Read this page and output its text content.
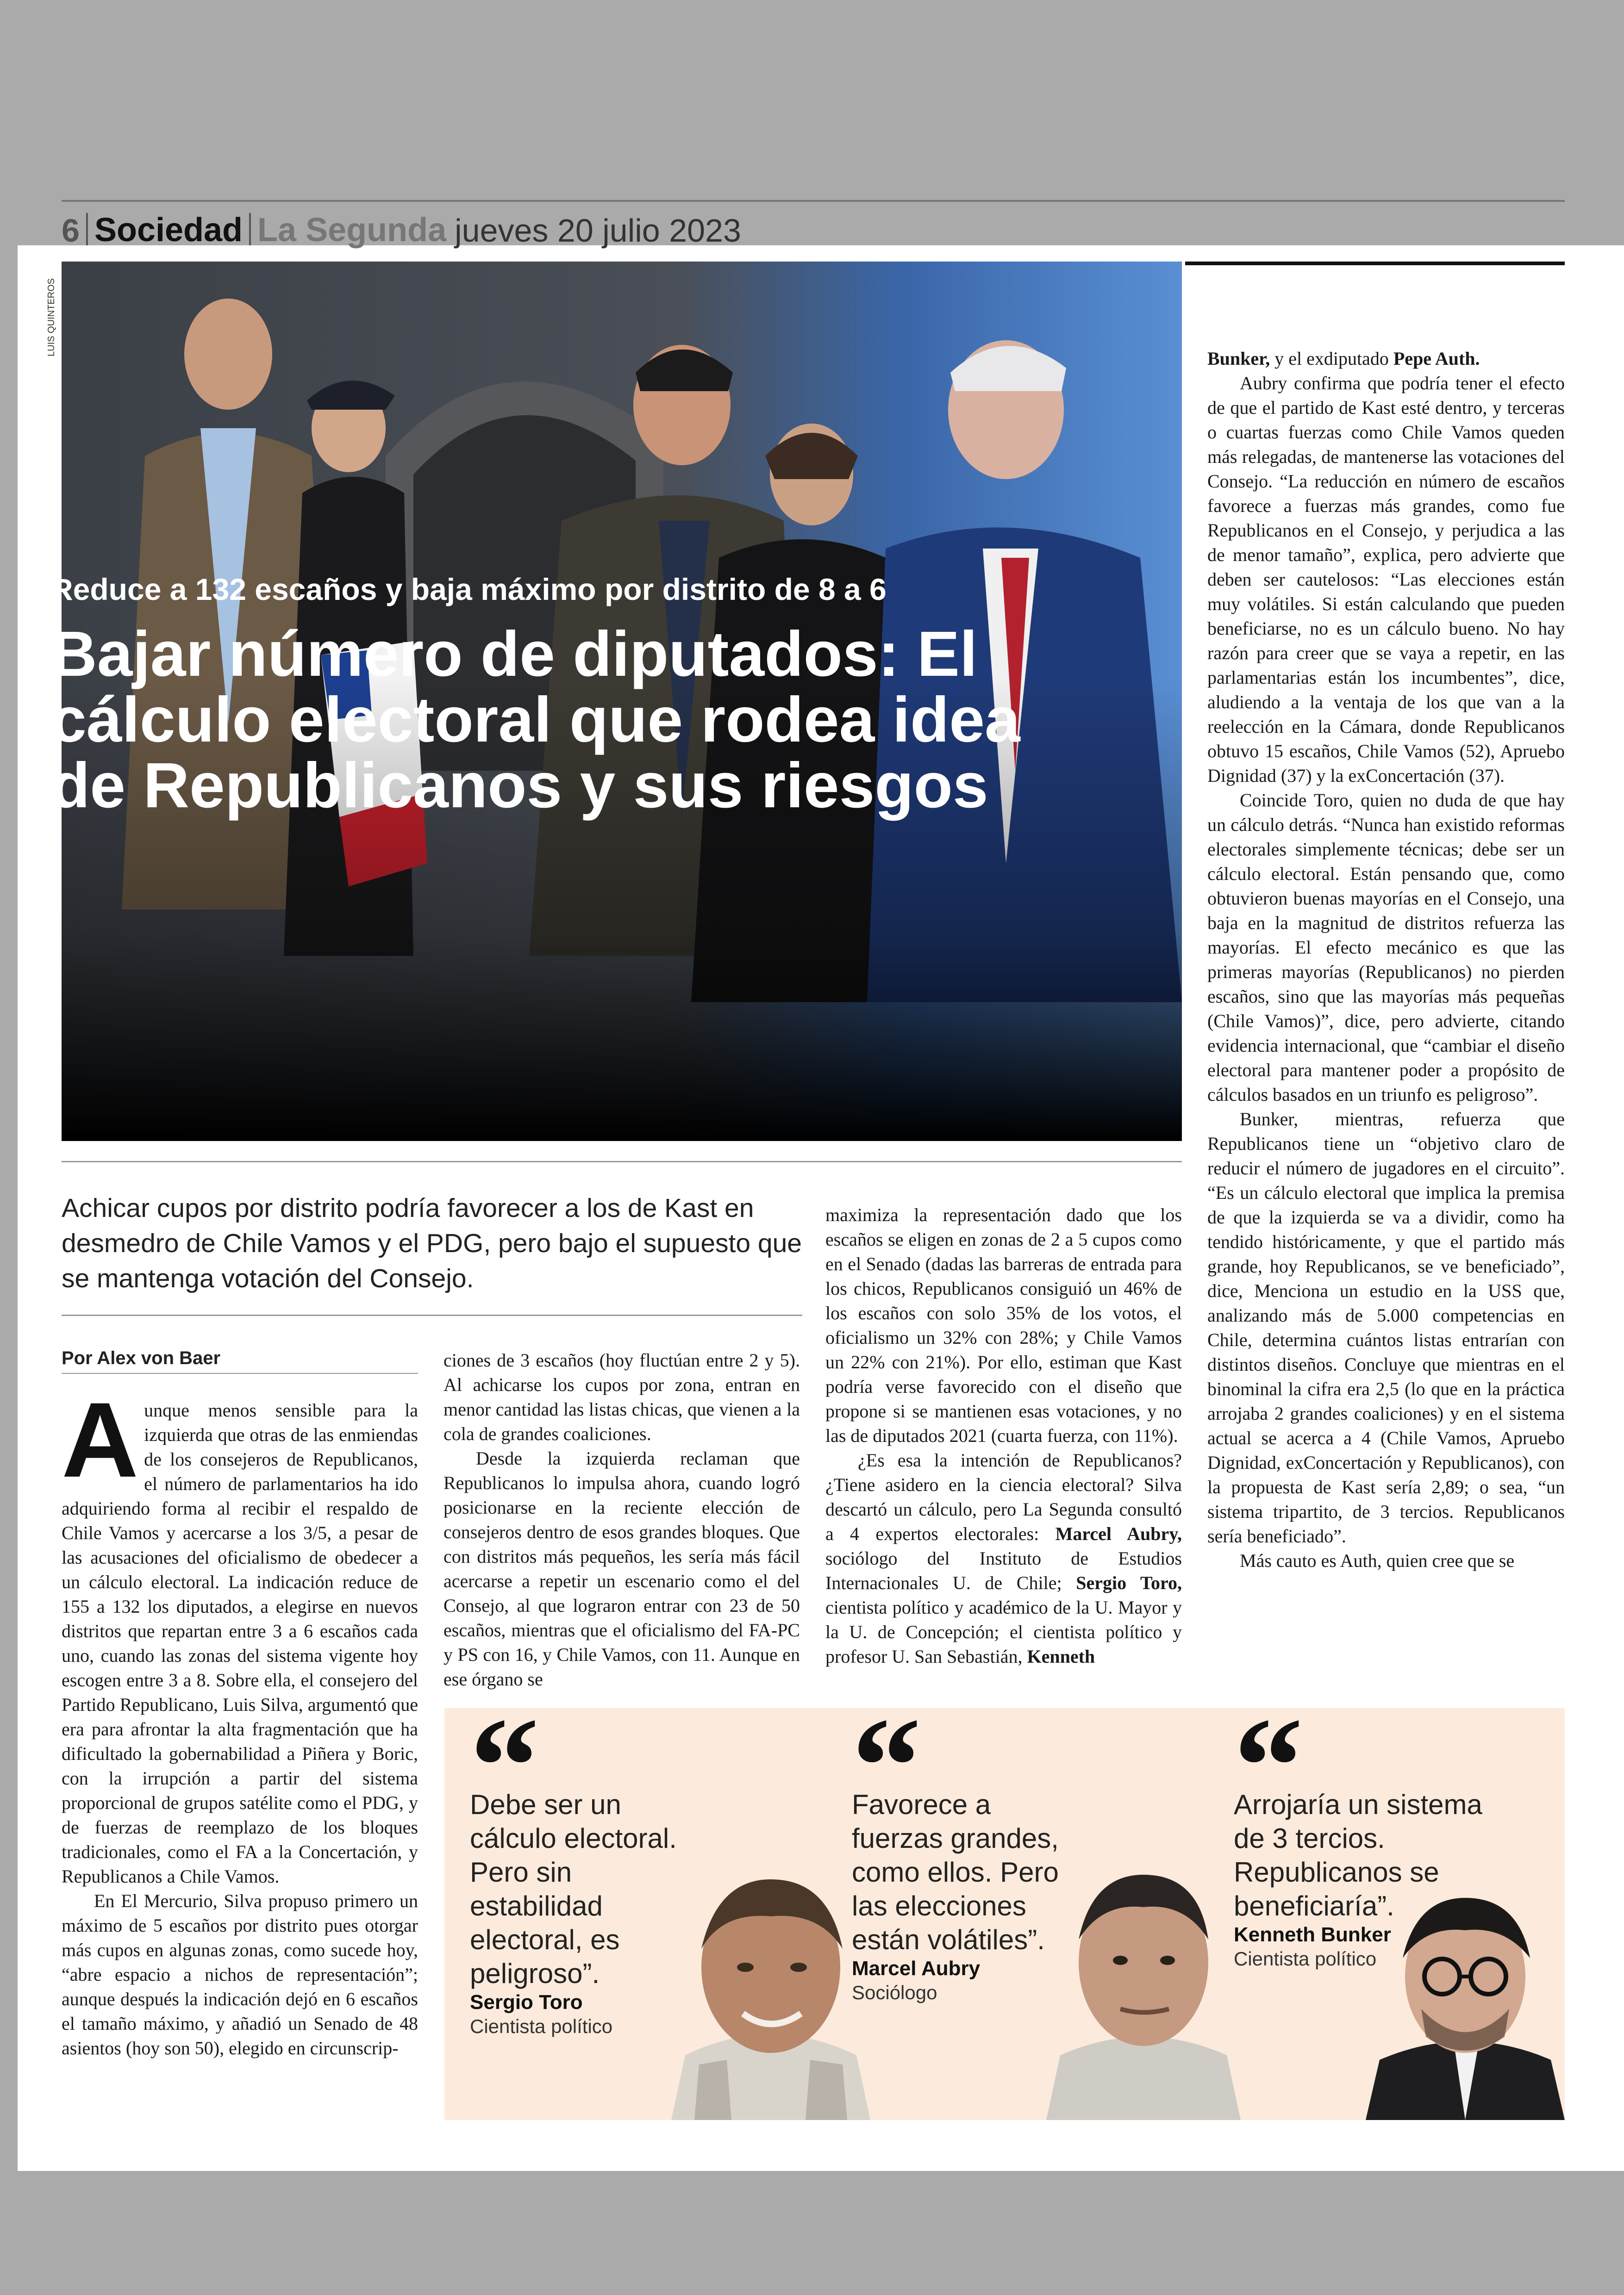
6 Sociedad La Segunda jueves 20 julio 2023
LUIS QUINTEROS
Reduce a 132 escaños y baja máximo por distrito de 8 a 6
Bajar número de diputados: El cálculo electoral que rodea idea de Republicanos y sus riesgos
Achicar cupos por distrito podría favorecer a los de Kast en desmedro de Chile Vamos y el PDG, pero bajo el supuesto que se mantenga votación del Consejo.
Por Alex von Baer

Aunque menos sensible para la izquierda que otras de las enmiendas de los consejeros de Republicanos, el número de parlamentarios ha ido adquiriendo forma al recibir el respaldo de Chile Vamos y acercarse a los 3/5, a pesar de las acusaciones del oficialismo de obedecer a un cálculo electoral. La indicación reduce de 155 a 132 los diputados, a elegirse en nuevos distritos que repartan entre 3 a 6 escaños cada uno, cuando las zonas del sistema vigente hoy escogen entre 3 a 8. Sobre ella, el consejero del Partido Republicano, Luis Silva, argumentó que era para afrontar la alta fragmentación que ha dificultado la gobernabilidad a Piñera y Boric, con la irrupción a partir del sistema proporcional de grupos satélite como el PDG, y de fuerzas de reemplazo de los bloques tradicionales, como el FA a la Concertación, y Republicanos a Chile Vamos.

En El Mercurio, Silva propuso primero un máximo de 5 escaños por distrito pues otorgar más cupos en algunas zonas, como sucede hoy, “abre espacio a nichos de representación”; aunque después la indicación dejó en 6 escaños el tamaño máximo, y añadió un Senado de 48 asientos (hoy son 50), elegido en circunscrip-

ciones de 3 escaños (hoy fluctúan entre 2 y 5). Al achicarse los cupos por zona, entran en menor cantidad las listas chicas, que vienen a la cola de grandes coaliciones.

Desde la izquierda reclaman que Republicanos lo impulsa ahora, cuando logró posicionarse en la reciente elección de consejeros dentro de esos grandes bloques. Que con distritos más pequeños, les sería más fácil acercarse a repetir un escenario como el del Consejo, al que lograron entrar con 23 de 50 escaños, mientras que el oficialismo del FA-PC y PS con 16, y Chile Vamos, con 11. Aunque en ese órgano se

maximiza la representación dado que los escaños se eligen en zonas de 2 a 5 cupos como en el Senado (dadas las barreras de entrada para los chicos, Republicanos consiguió un 46% de los escaños con solo 35% de los votos, el oficialismo un 32% con 28%; y Chile Vamos un 22% con 21%). Por ello, estiman que Kast podría verse favorecido con el diseño que propone si se mantienen esas votaciones, y no las de diputados 2021 (cuarta fuerza, con 11%).

¿Es esa la intención de Republicanos? ¿Tiene asidero en la ciencia electoral? Silva descartó un cálculo, pero La Segunda consultó a 4 expertos electorales: Marcel Aubry, sociólogo del Instituto de Estudios Internacionales U. de Chile; Sergio Toro, cientista político y académico de la U. Mayor y la U. de Concepción; el cientista político y profesor U. San Sebastián, Kenneth

Bunker, y el exdiputado Pepe Auth.

Aubry confirma que podría tener el efecto de que el partido de Kast esté dentro, y terceras o cuartas fuerzas como Chile Vamos queden más relegadas, de mantenerse las votaciones del Consejo. “La reducción en número de escaños favorece a fuerzas más grandes, como fue Republicanos en el Consejo, y perjudica a las de menor tamaño”, explica, pero advierte que deben ser cautelosos: “Las elecciones están muy volátiles. Si están calculando que pueden beneficiarse, no es un cálculo bueno. No hay razón para creer que se vaya a repetir, en las parlamentarias están los incumbentes”, dice, aludiendo a la ventaja de los que van a la reelección en la Cámara, donde Republicanos obtuvo 15 escaños, Chile Vamos (52), Apruebo Dignidad (37) y la exConcertación (37).

Coincide Toro, quien no duda de que hay un cálculo detrás. “Nunca han existido reformas electorales simplemente técnicas; debe ser un cálculo electoral. Están pensando que, como obtuvieron buenas mayorías en el Consejo, una baja en la magnitud de distritos refuerza las mayorías. El efecto mecánico es que las primeras mayorías (Republicanos) no pierden escaños, sino que las mayorías más pequeñas (Chile Vamos)”, dice, pero advierte, citando evidencia internacional, que “cambiar el diseño electoral para mantener poder a propósito de cálculos basados en un triunfo es peligroso”.

Bunker, mientras, refuerza que Republicanos tiene un “objetivo claro de reducir el número de jugadores en el circuito”. “Es un cálculo electoral que implica la premisa de que la izquierda se va a dividir, como ha tendido históricamente, y que el partido más grande, hoy Republicanos, se ve beneficiado”, dice, Menciona un estudio en la USS que, analizando más de 5.000 competencias en Chile, determina cuántos listas entrarían con distintos diseños. Concluye que mientras en el binominal la cifra era 2,5 (lo que en la práctica arrojaba 2 grandes coaliciones) y en el sistema actual se acerca a 4 (Chile Vamos, Apruebo Dignidad, exConcertación y Republicanos), con la propuesta de Kast sería 2,89; o sea, “un sistema tripartito, de 3 tercios. Republicanos sería beneficiado”.

Más cauto es Auth, quien cree que se

Debe ser un cálculo electoral. Pero sin estabilidad electoral, es peligroso”.
Sergio Toro
Cientista político
Favorece a fuerzas grandes, como ellos. Pero las elecciones están volátiles”.
Marcel Aubry
Sociólogo
Arrojaría un sistema de 3 tercios. Republicanos se beneficiaría”.
Kenneth Bunker
Cientista político
